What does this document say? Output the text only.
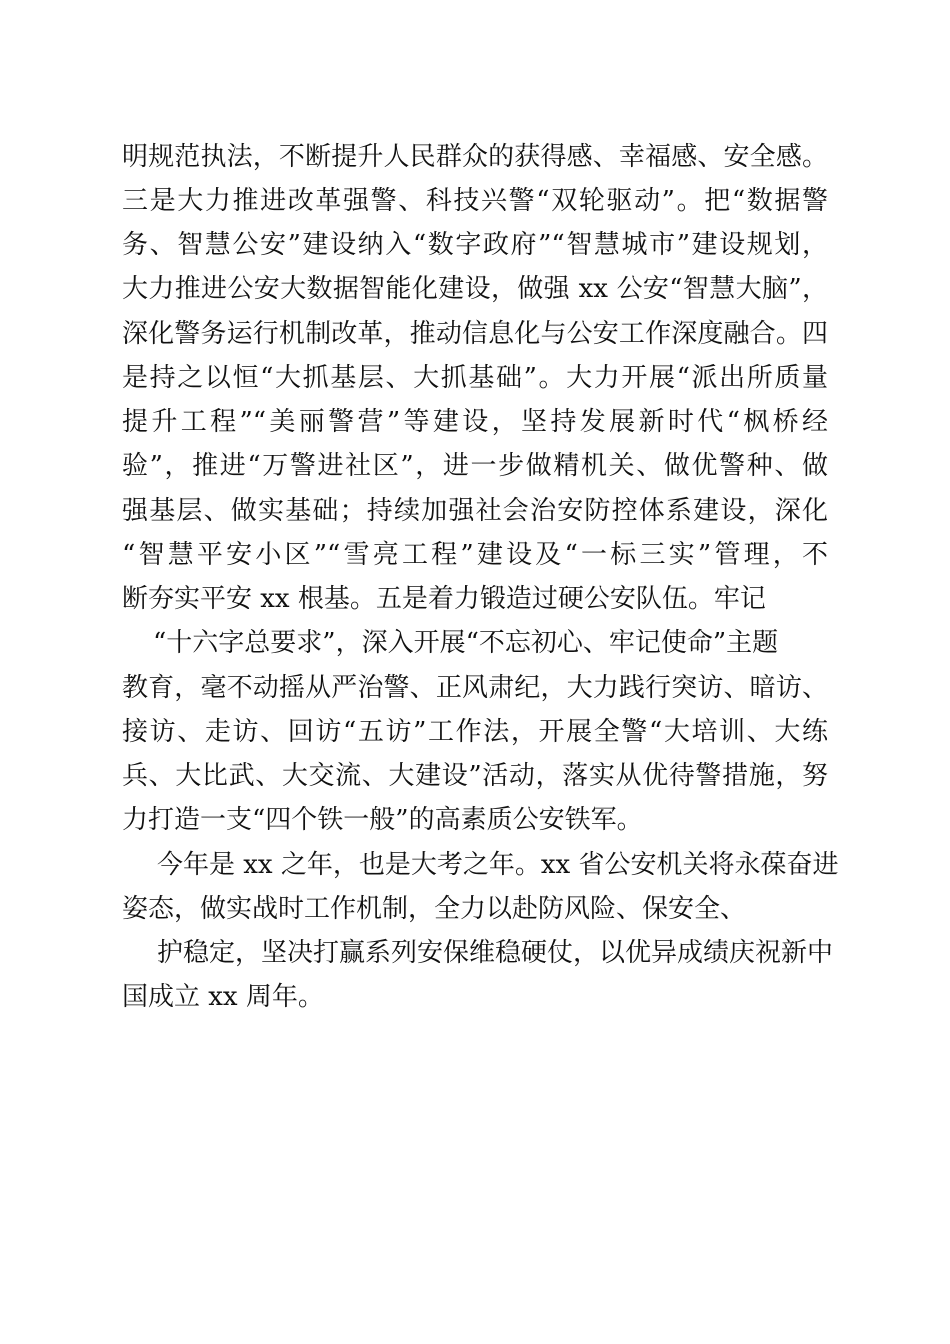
明规范执法，不断提升人民群众的获得感、幸福感、安全感。
三是大力推进改革强警、科技兴警“双轮驱动”。把“数据警
务、智慧公安”建设纳入“数字政府”“智慧城市”建设规划，
大力推进公安大数据智能化建设，做强 xx 公安“智慧大脑”，
深化警务运行机制改革，推动信息化与公安工作深度融合。四
是持之以恒“大抓基层、大抓基础”。大力开展“派出所质量
提升工程”“美丽警营”等建设，坚持发展新时代“枫桥经
验”，推进“万警进社区”，进一步做精机关、做优警种、做
强基层、做实基础；持续加强社会治安防控体系建设，深化
“智慧平安小区”“雪亮工程”建设及“一标三实”管理，不
断夯实平安 xx 根基。五是着力锻造过硬公安队伍。牢记
“十六字总要求”，深入开展“不忘初心、牢记使命”主题
教育，毫不动摇从严治警、正风肃纪，大力践行突访、暗访、
接访、走访、回访“五访”工作法，开展全警“大培训、大练
兵、大比武、大交流、大建设”活动，落实从优待警措施，努
力打造一支“四个铁一般”的高素质公安铁军。
今年是 xx 之年，也是大考之年。xx 省公安机关将永葆奋进
姿态，做实战时工作机制，全力以赴防风险、保安全、
护稳定，坚决打赢系列安保维稳硬仗，以优异成绩庆祝新中
国成立 xx 周年。
